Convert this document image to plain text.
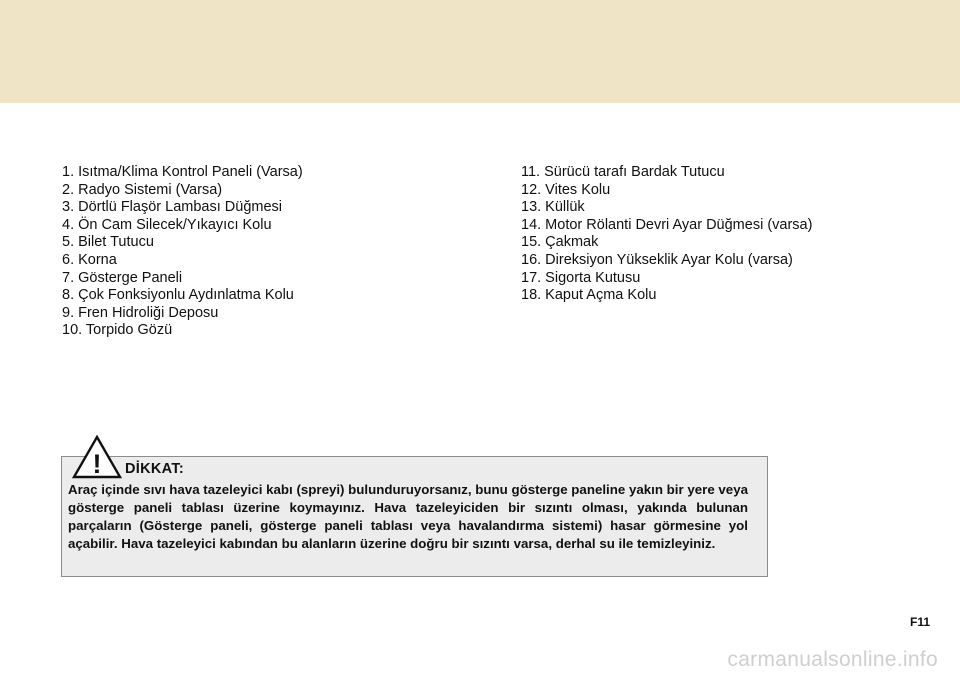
1. Isıtma/Klima Kontrol Paneli (Varsa)
2. Radyo Sistemi (Varsa)
3. Dörtlü Flaşör Lambası Düğmesi
4. Ön Cam Silecek/Yıkayıcı Kolu
5. Bilet Tutucu
6. Korna
7. Gösterge Paneli
8. Çok Fonksiyonlu Aydınlatma Kolu
9. Fren Hidroliği Deposu
10. Torpido Gözü
11. Sürücü tarafı Bardak Tutucu
12. Vites Kolu
13. Küllük
14. Motor Rölanti Devri Ayar Düğmesi (varsa)
15. Çakmak
16. Direksiyon Yükseklik Ayar Kolu (varsa)
17. Sigorta Kutusu
18. Kaput Açma Kolu
! DİKKAT:
Araç içinde sıvı hava tazeleyici kabı (spreyi) bulunduruyorsanız, bunu gösterge paneline yakın bir yere veya gösterge paneli tablası üzerine koymayınız. Hava tazeleyiciden bir sızıntı olması, yakında bulunan parçaların (Gösterge paneli, gösterge paneli tablası veya havalandırma sistemi) hasar görmesine yol açabilir. Hava tazeleyici kabından bu alanların üzerine doğru bir sızıntı varsa, derhal su ile temizleyiniz.
F11
carmanualsonline.info
